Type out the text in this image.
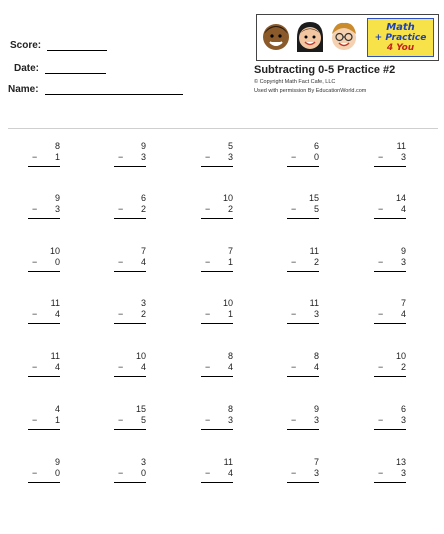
Score:
Date:
Name:
Math
+ Practice
4 You
Subtracting 0-5 Practice #2
© Copyright Math Fact Cafe, LLC
Used with permission By EducationWorld.com
8
− 1
9
− 3
5
− 3
6
− 0
11
− 3
9
− 3
6
− 2
10
− 2
15
− 5
14
− 4
10
− 0
7
− 4
7
− 1
11
− 2
9
− 3
11
− 4
3
− 2
10
− 1
11
− 3
7
− 4
11
− 4
10
− 4
8
− 4
8
− 4
10
− 2
4
− 1
15
− 5
8
− 3
9
− 3
6
− 3
9
− 0
3
− 0
11
− 4
7
− 3
13
− 3
